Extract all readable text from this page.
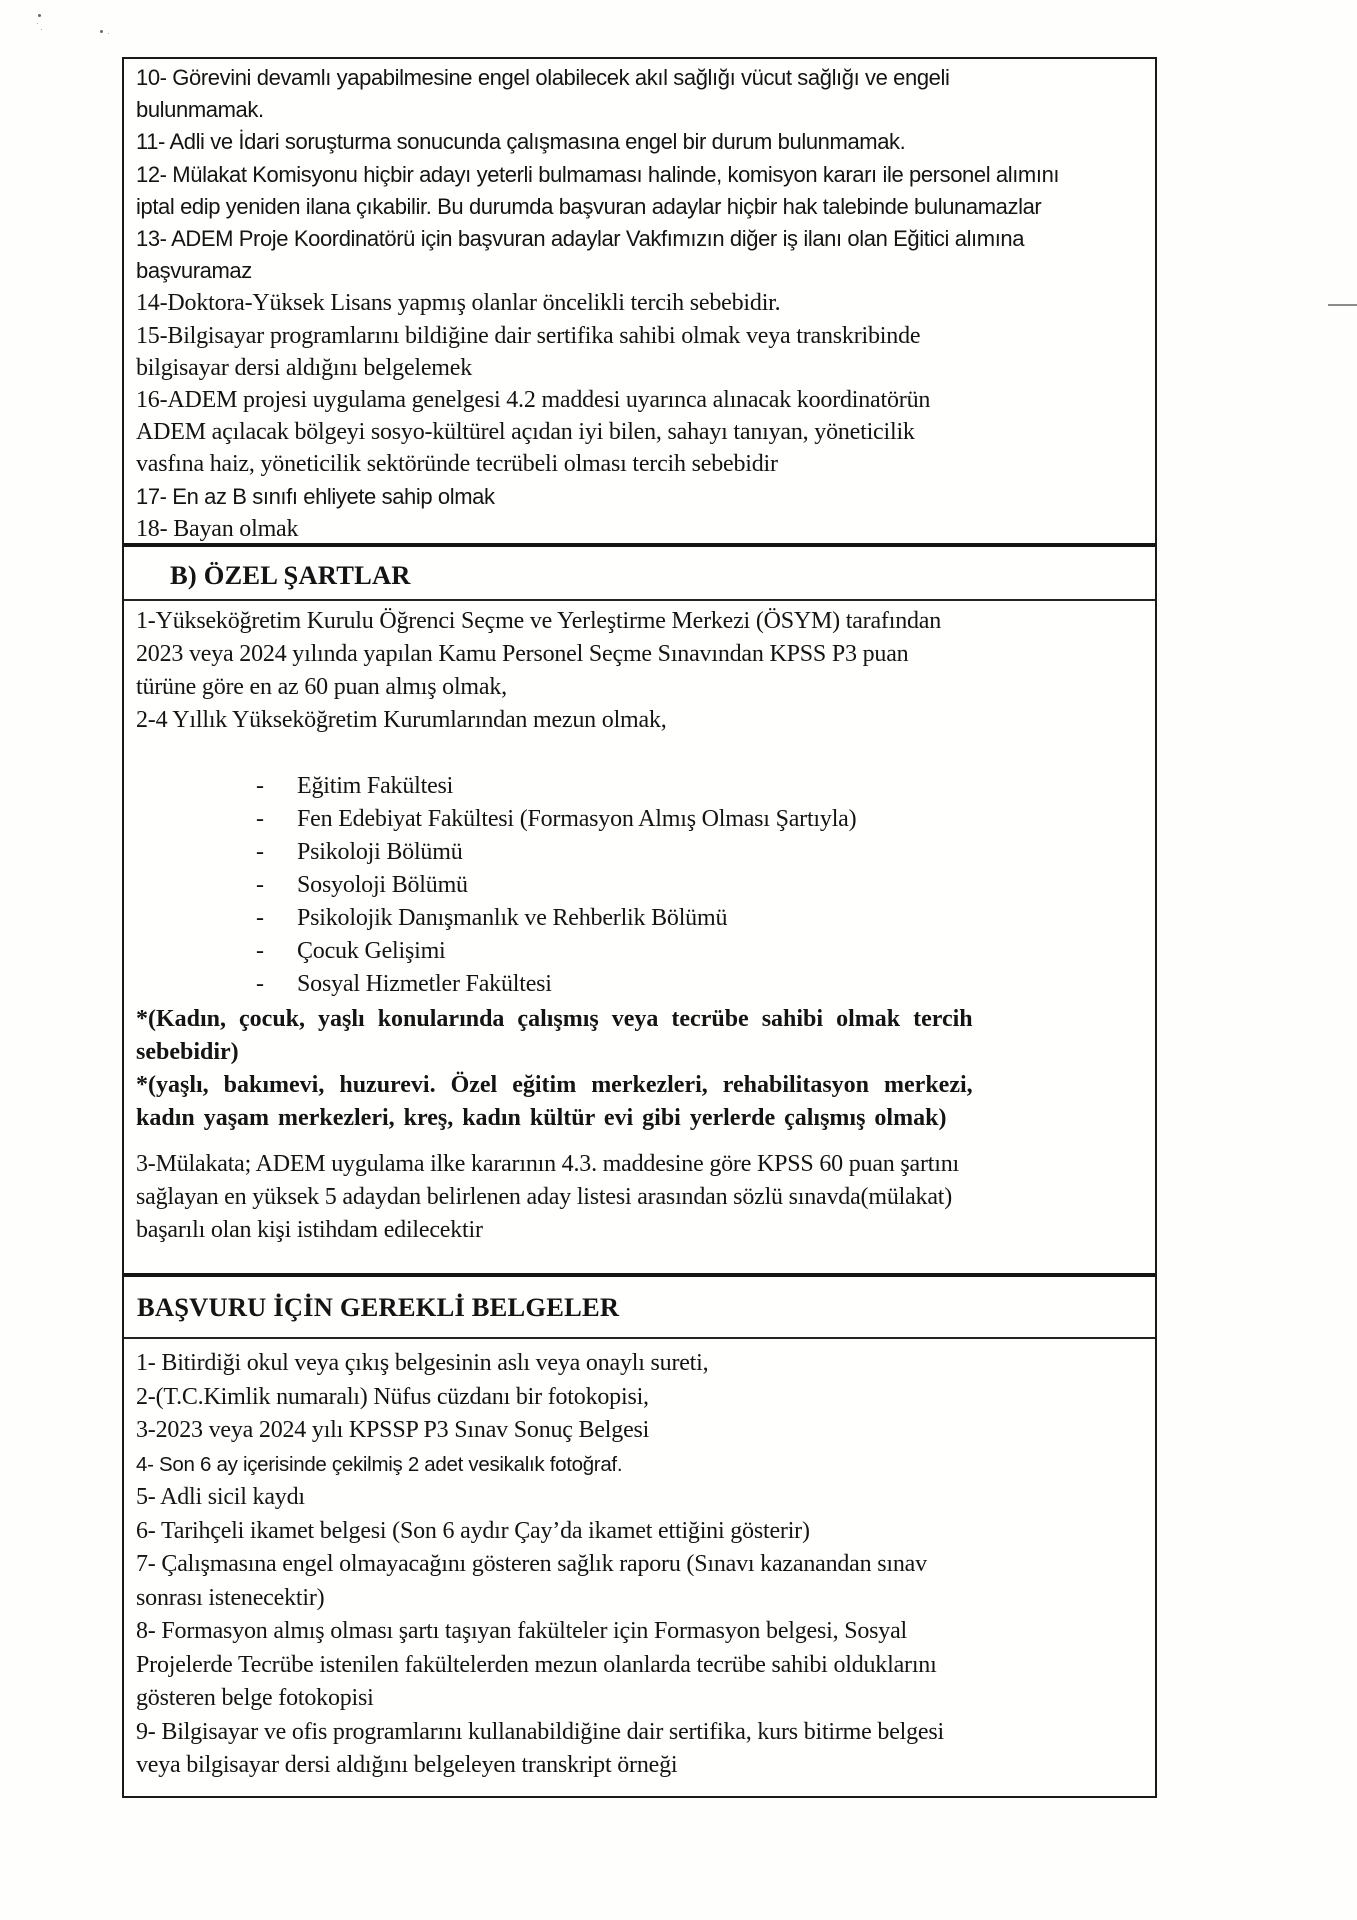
10- Görevini devamlı yapabilmesine engel olabilecek akıl sağlığı vücut sağlığı ve engeli
bulunmamak.
11- Adli ve İdari soruşturma sonucunda çalışmasına engel bir durum bulunmamak.
12- Mülakat Komisyonu hiçbir adayı yeterli bulmaması halinde, komisyon kararı ile personel alımını
iptal edip yeniden ilana çıkabilir. Bu durumda başvuran adaylar hiçbir hak talebinde bulunamazlar
13- ADEM Proje Koordinatörü için başvuran adaylar Vakfımızın diğer iş ilanı olan Eğitici alımına
başvuramaz
14-Doktora-Yüksek Lisans yapmış olanlar öncelikli tercih sebebidir.
15-Bilgisayar programlarını bildiğine dair sertifika sahibi olmak veya transkribinde
bilgisayar dersi aldığını belgelemek
16-ADEM projesi uygulama genelgesi 4.2 maddesi uyarınca alınacak koordinatörün
ADEM açılacak bölgeyi sosyo-kültürel açıdan iyi bilen, sahayı tanıyan, yöneticilik
vasfına haiz, yöneticilik sektöründe tecrübeli olması tercih sebebidir
17- En az B sınıfı ehliyete sahip olmak
18- Bayan olmak
B) ÖZEL ŞARTLAR
1-Yükseköğretim Kurulu Öğrenci Seçme ve Yerleştirme Merkezi (ÖSYM) tarafından
2023 veya 2024 yılında yapılan Kamu Personel Seçme Sınavından KPSS P3 puan
türüne göre en az 60 puan almış olmak,
2-4 Yıllık Yükseköğretim Kurumlarından mezun olmak,
-	Eğitim Fakültesi
-	Fen Edebiyat Fakültesi (Formasyon Almış Olması Şartıyla)
-	Psikoloji Bölümü
-	Sosyoloji Bölümü
-	Psikolojik Danışmanlık ve Rehberlik Bölümü
-	Çocuk Gelişimi
-	Sosyal Hizmetler Fakültesi
*(Kadın, çocuk, yaşlı konularında çalışmış veya tecrübe sahibi olmak tercih
sebebidir)
*(yaşlı, bakımevi, huzurevi. Özel eğitim merkezleri, rehabilitasyon merkezi,
kadın yaşam merkezleri, kreş, kadın kültür evi gibi yerlerde çalışmış olmak)
3-Mülakata; ADEM uygulama ilke kararının 4.3. maddesine göre KPSS 60 puan şartını
sağlayan en yüksek 5 adaydan belirlenen aday listesi arasından sözlü sınavda(mülakat)
başarılı olan kişi istihdam edilecektir
BAŞVURU İÇİN GEREKLİ BELGELER
1- Bitirdiği okul veya çıkış belgesinin aslı veya onaylı sureti,
2-(T.C.Kimlik numaralı) Nüfus cüzdanı bir fotokopisi,
3-2023 veya 2024 yılı KPSSP P3 Sınav Sonuç Belgesi
4- Son 6 ay içerisinde çekilmiş 2 adet vesikalık fotoğraf.
5- Adli sicil kaydı
6- Tarihçeli ikamet belgesi (Son 6 aydır Çay’da ikamet ettiğini gösterir)
7- Çalışmasına engel olmayacağını gösteren sağlık raporu (Sınavı kazanandan sınav
sonrası istenecektir)
8- Formasyon almış olması şartı taşıyan fakülteler için Formasyon belgesi, Sosyal
Projelerde Tecrübe istenilen fakültelerden mezun olanlarda tecrübe sahibi olduklarını
gösteren belge fotokopisi
9- Bilgisayar ve ofis programlarını kullanabildiğine dair sertifika, kurs bitirme belgesi
veya bilgisayar dersi aldığını belgeleyen transkript örneği
